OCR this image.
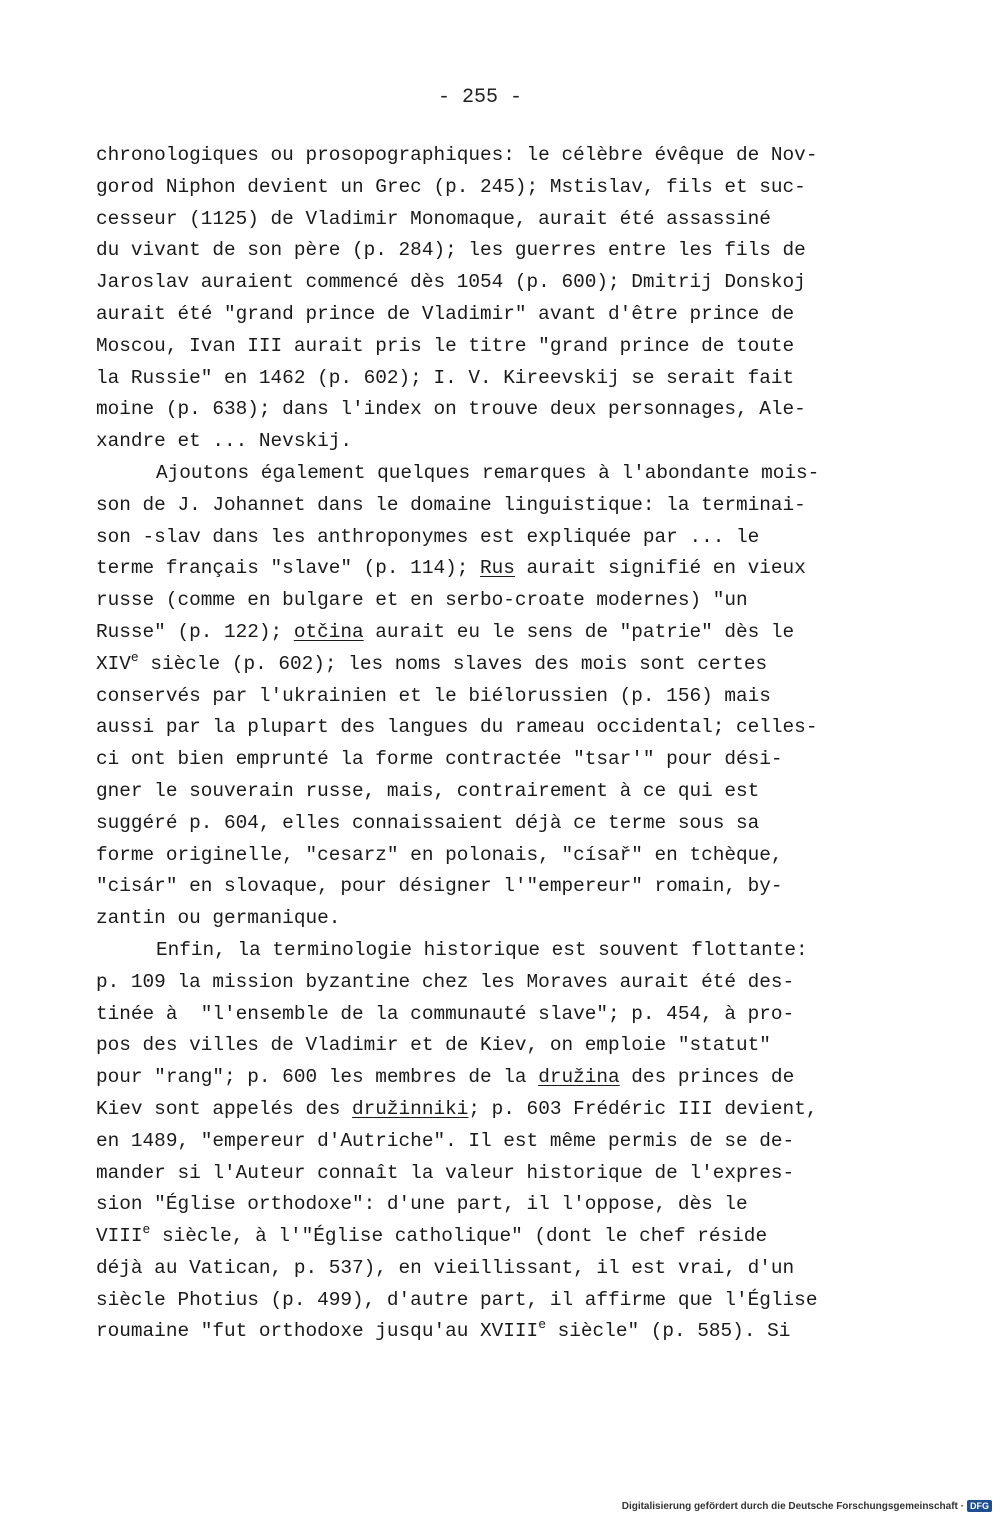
- 255 -
chronologiques ou prosopographiques: le célèbre évêque de Nov-
gorod Niphon devient un Grec (p. 245); Mstislav, fils et suc-
cesseur (1125) de Vladimir Monomaque, aurait été assassiné
du vivant de son père (p. 284); les guerres entre les fils de
Jaroslav auraient commencé dès 1054 (p. 600); Dmitrij Donskoj
aurait été "grand prince de Vladimir" avant d'être prince de
Moscou, Ivan III aurait pris le titre "grand prince de toute
la Russie" en 1462 (p. 602); I. V. Kireevskij se serait fait
moine (p. 638); dans l'index on trouve deux personnages, Ale-
xandre et ... Nevskij.
Ajoutons également quelques remarques à l'abondante mois-
son de J. Johannet dans le domaine linguistique: la terminai-
son -slav dans les anthroponymes est expliquée par ... le
terme français "slave" (p. 114); Rus aurait signifié en vieux
russe (comme en bulgare et en serbo-croate modernes) "un
Russe" (p. 122); otčina aurait eu le sens de "patrie" dès le
XIVe siècle (p. 602); les noms slaves des mois sont certes
conservés par l'ukrainien et le biélorussien (p. 156) mais
aussi par la plupart des langues du rameau occidental; celles-
ci ont bien emprunté la forme contractée "tsar'" pour dési-
gner le souverain russe, mais, contrairement à ce qui est
suggéré p. 604, elles connaissaient déjà ce terme sous sa
forme originelle, "cesarz" en polonais, "císař" en tchèque,
"cisár" en slovaque, pour désigner l'"empereur" romain, by-
zantin ou germanique.
Enfin, la terminologie historique est souvent flottante:
p. 109 la mission byzantine chez les Moraves aurait été des-
tinée à  "l'ensemble de la communauté slave"; p. 454, à pro-
pos des villes de Vladimir et de Kiev, on emploie "statut"
pour "rang"; p. 600 les membres de la družina des princes de
Kiev sont appelés des družinniki; p. 603 Frédéric III devient,
en 1489, "empereur d'Autriche". Il est même permis de se de-
mander si l'Auteur connaît la valeur historique de l'expres-
sion "Église orthodoxe": d'une part, il l'oppose, dès le
VIIIe siècle, à l'"Église catholique" (dont le chef réside
déjà au Vatican, p. 537), en vieillissant, il est vrai, d'un
siècle Photius (p. 499), d'autre part, il affirme que l'Église
roumaine "fut orthodoxe jusqu'au XVIIIe siècle" (p. 585). Si
Digitalisierung gefördert durch die Deutsche Forschungsgemeinschaft · DFG
